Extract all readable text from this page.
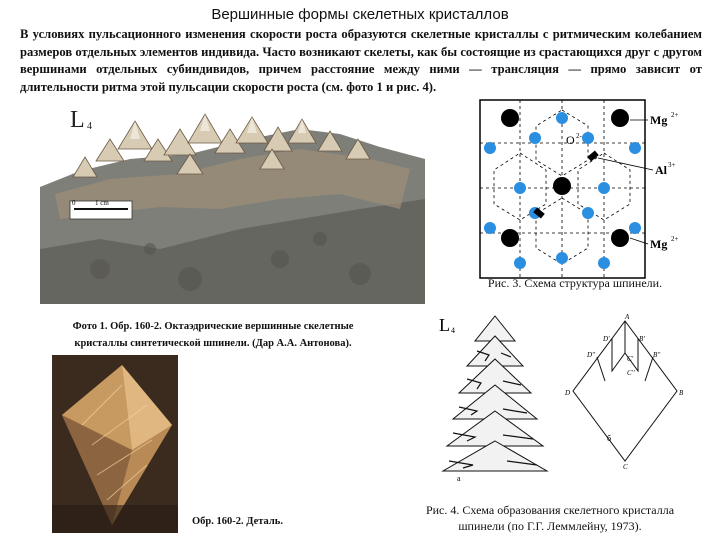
Вершинные формы скелетных кристаллов
В условиях пульсационного изменения скорости роста образуются скелетные кристаллы с ритмическим колебанием размеров отдельных элементов индивида. Часто возникают скелеты, как бы состоящие из срастающихся друг с другом вершинами отдельных субиндивидов, причем расстояние между ними — трансляция — прямо зависит от длительности ритма этой пульсации скорости роста (см. фото 1 и рис. 4).
L 4
0	1 cm
Фото 1. Обр. 160-2. Октаэдрические вершинные скелетные
кристаллы синтетической шпинели. (Дар А.А. Антонова).
Обр. 160-2. Деталь.
O 2-
Mg 2+
Al 3+
Mg 2+
Рис. 3. Схема структура шпинели.
L 4
а
A
B
B'
B''
C
C'
C''
D
D'
D''
б
Рис. 4. Схема образования скелетного кристалла
шпинели (по Г.Г. Леммлейну, 1973).
